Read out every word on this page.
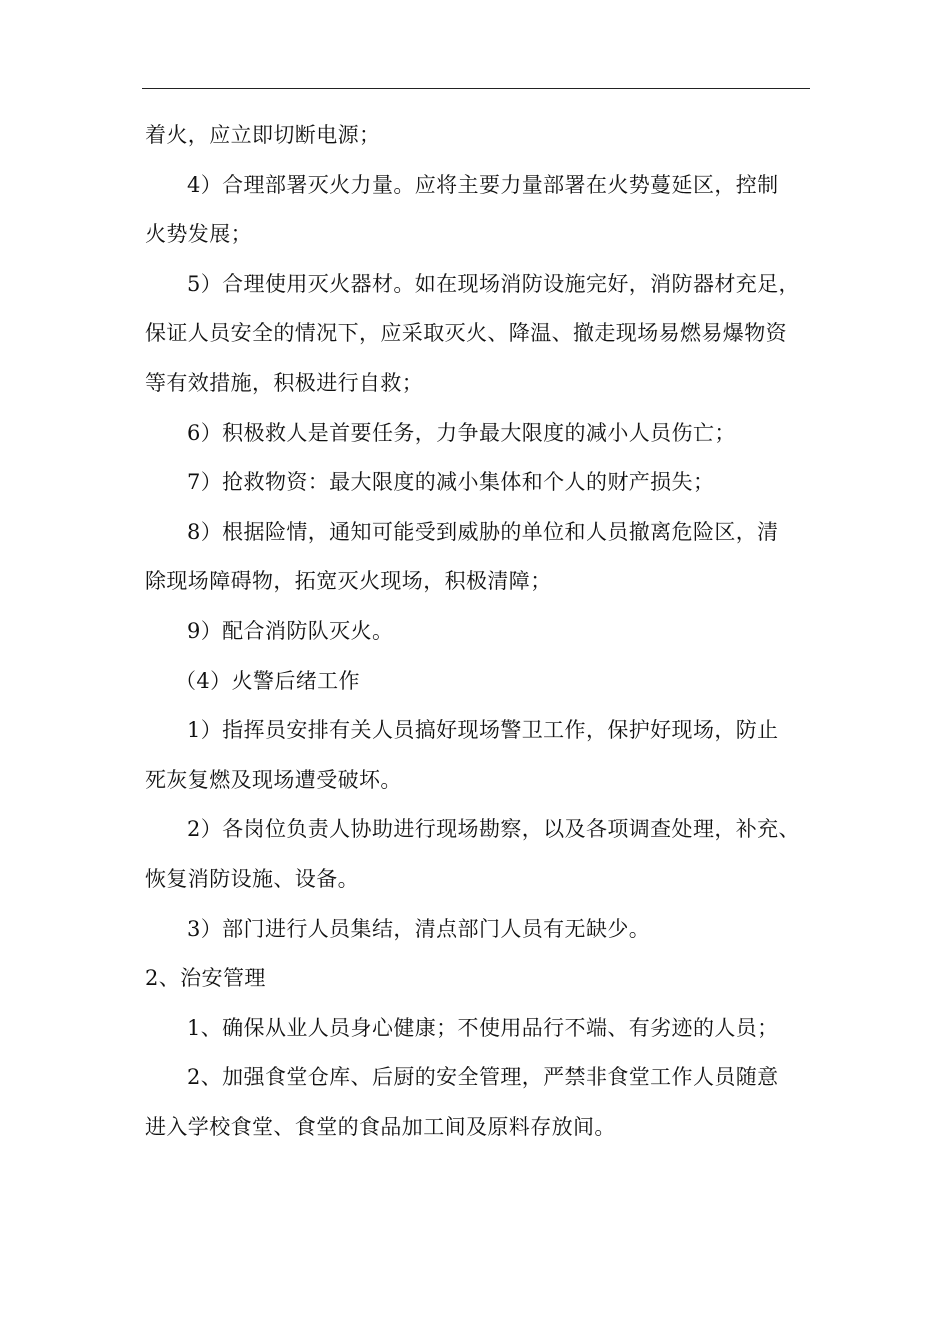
着火，应立即切断电源；
4）合理部署灭火力量。应将主要力量部署在火势蔓延区，控制
火势发展；
5）合理使用灭火器材。如在现场消防设施完好，消防器材充足，
保证人员安全的情况下，应采取灭火、降温、撤走现场易燃易爆物资
等有效措施，积极进行自救；
6）积极救人是首要任务，力争最大限度的减小人员伤亡；
7）抢救物资：最大限度的减小集体和个人的财产损失；
8）根据险情，通知可能受到威胁的单位和人员撤离危险区，清
除现场障碍物，拓宽灭火现场，积极清障；
9）配合消防队灭火。
（4）火警后绪工作
1）指挥员安排有关人员搞好现场警卫工作，保护好现场，防止
死灰复燃及现场遭受破坏。
2）各岗位负责人协助进行现场勘察，以及各项调查处理，补充、
恢复消防设施、设备。
3）部门进行人员集结，清点部门人员有无缺少。
2、治安管理
1、确保从业人员身心健康；不使用品行不端、有劣迹的人员；
2、加强食堂仓库、后厨的安全管理，严禁非食堂工作人员随意
进入学校食堂、食堂的食品加工间及原料存放间。
